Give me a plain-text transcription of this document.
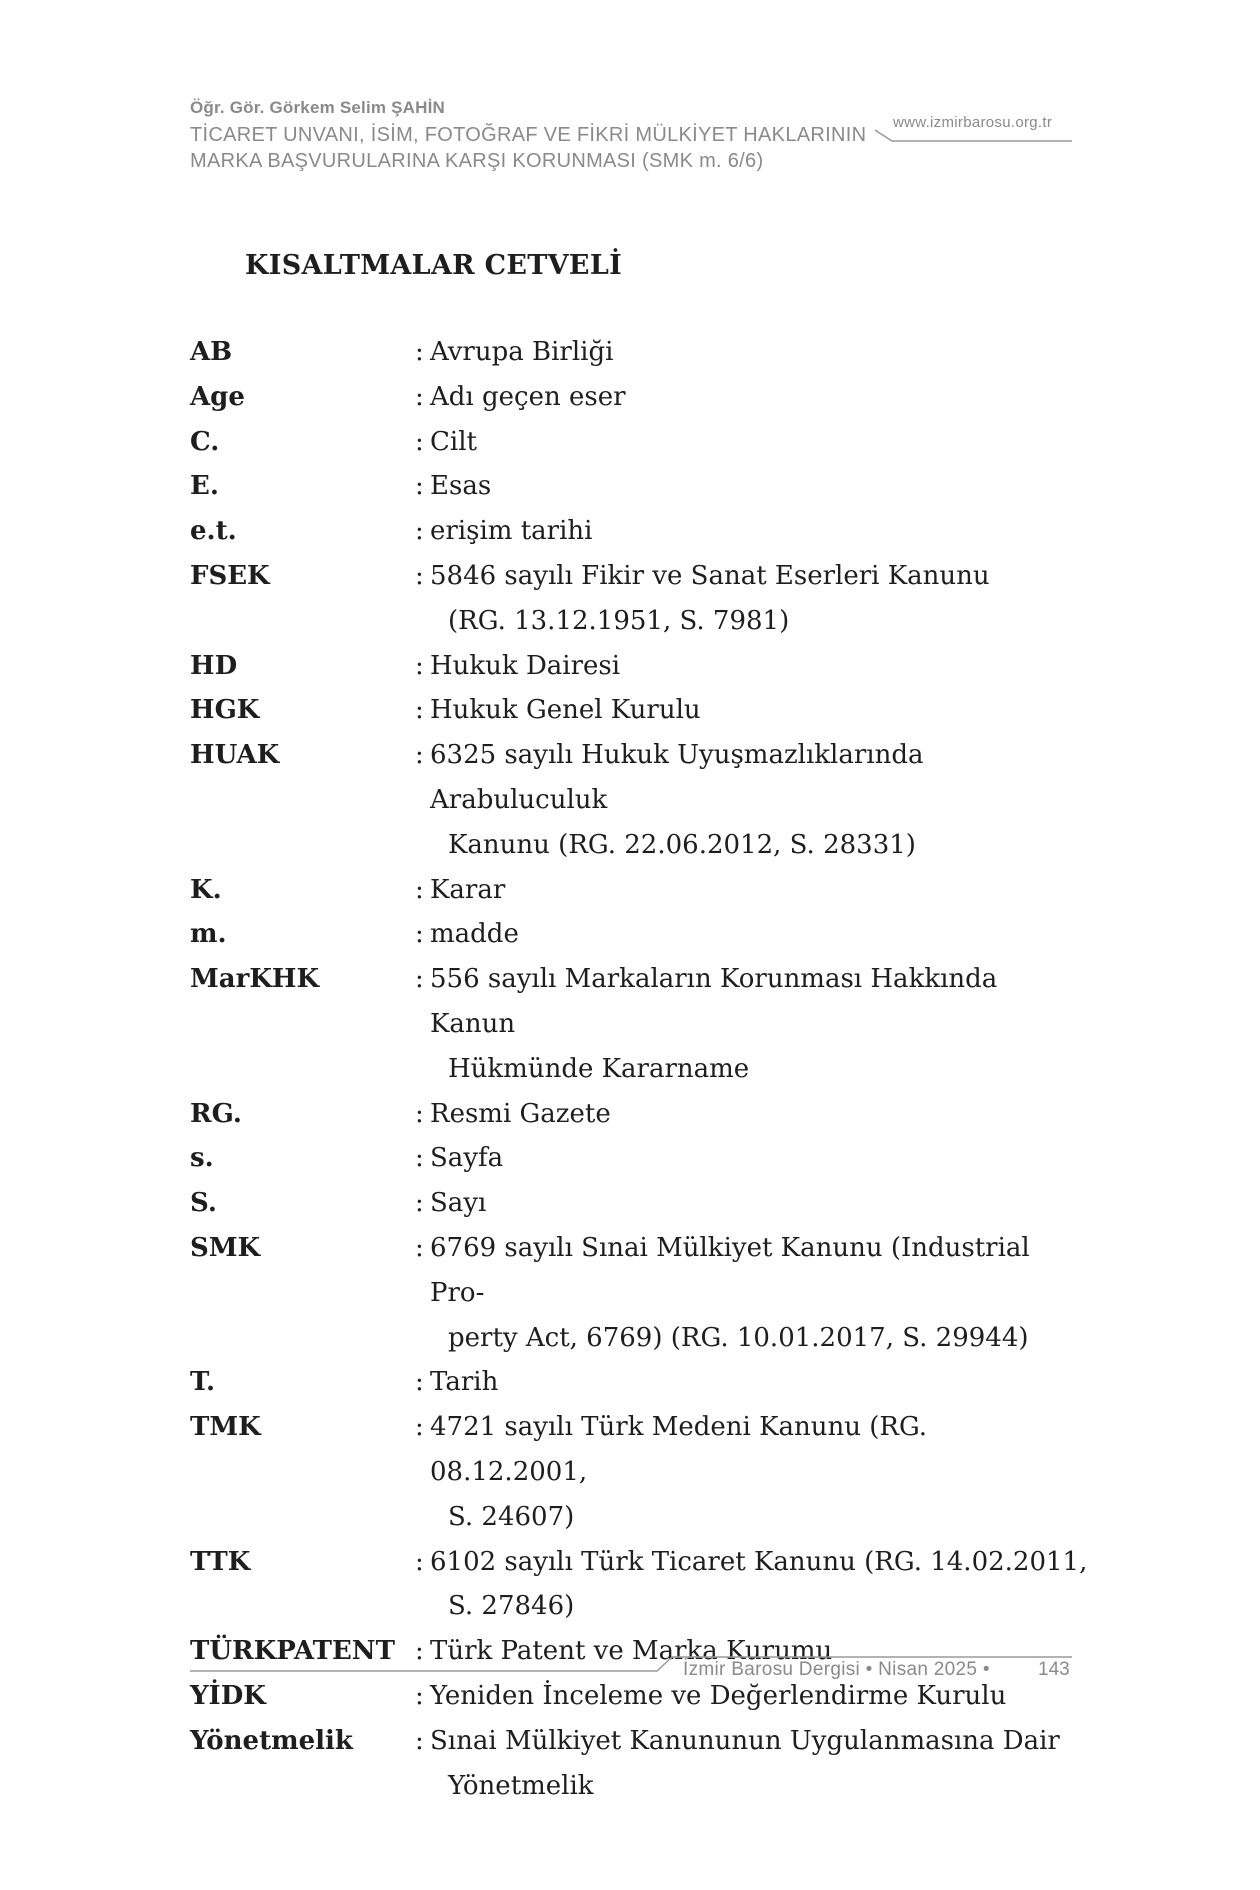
Öğr. Gör. Görkem Selim ŞAHİN
TİCARET UNVANI, İSİM, FOTOĞRAF VE FİKRİ MÜLKİYET HAKLARININ
MARKA BAŞVURULARINA KARŞI KORUNMASI (SMK m. 6/6)
www.izmirbarosu.org.tr
KISALTMALAR CETVELİ
AB	: Avrupa Birliği
Age	: Adı geçen eser
C.	: Cilt
E.	: Esas
e.t.	: erişim tarihi
FSEK	: 5846 sayılı Fikir ve Sanat Eserleri Kanunu
(RG. 13.12.1951, S. 7981)
HD	: Hukuk Dairesi
HGK	: Hukuk Genel Kurulu
HUAK	: 6325 sayılı Hukuk Uyuşmazlıklarında Arabuluculuk
Kanunu (RG. 22.06.2012, S. 28331)
K.	: Karar
m.	: madde
MarKHK	: 556 sayılı Markaların Korunması Hakkında Kanun
Hükmünde Kararname
RG.	: Resmi Gazete
s.	: Sayfa
S.	: Sayı
SMK	: 6769 sayılı Sınai Mülkiyet Kanunu (Industrial Pro-
perty Act, 6769) (RG. 10.01.2017, S. 29944)
T.	: Tarih
TMK	: 4721 sayılı Türk Medeni Kanunu (RG. 08.12.2001,
S. 24607)
TTK	: 6102 sayılı Türk Ticaret Kanunu (RG. 14.02.2011,
S. 27846)
TÜRKPATENT : Türk Patent ve Marka Kurumu
YİDK	: Yeniden İnceleme ve Değerlendirme Kurulu
Yönetmelik	: Sınai Mülkiyet Kanununun Uygulanmasına Dair
Yönetmelik
İzmir Barosu Dergisi • Nisan 2025 •	143
